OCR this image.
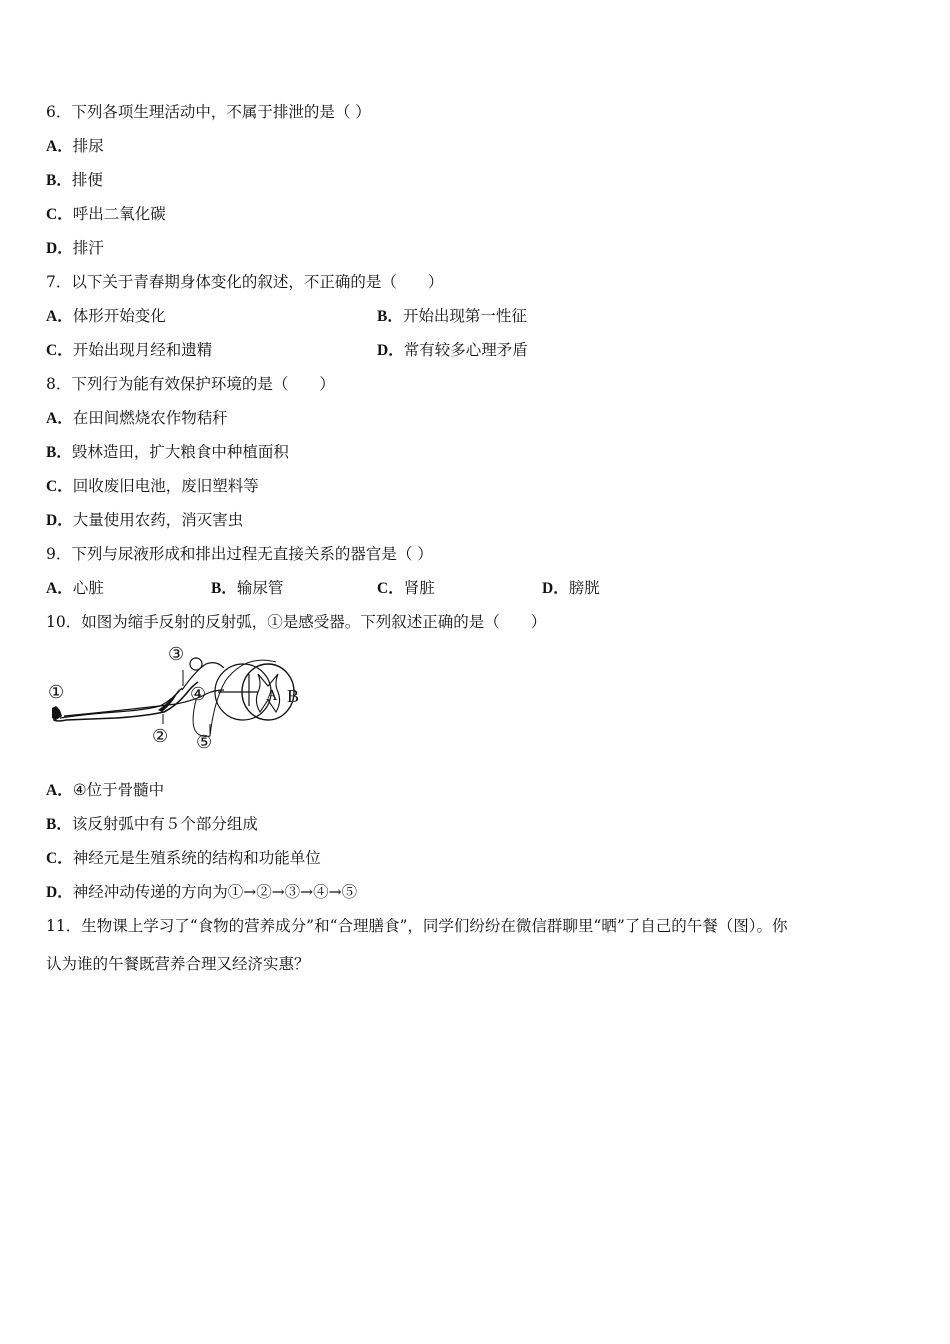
6．下列各项生理活动中，不属于排泄的是（ ）
A．排尿
B．排便
C．呼出二氧化碳
D．排汗
7．以下关于青春期身体变化的叙述，不正确的是（　　）
A．体形开始变化	B．开始出现第一性征
C．开始出现月经和遗精	D．常有较多心理矛盾
8．下列行为能有效保护环境的是（　　）
A．在田间燃烧农作物秸秆
B．毁林造田，扩大粮食中种植面积
C．回收废旧电池，废旧塑料等
D．大量使用农药，消灭害虫
9．下列与尿液形成和排出过程无直接关系的器官是（ ）
A．心脏	B．输尿管	C．肾脏	D．膀胱
10．如图为缩手反射的反射弧，①是感受器。下列叙述正确的是（　　）
①
②
③
④
⑤
A B
A．④位于骨髓中
B．该反射弧中有５个部分组成
C．神经元是生殖系统的结构和功能单位
D．神经冲动传递的方向为①→②→③→④→⑤
11．生物课上学习了“食物的营养成分”和“合理膳食”，同学们纷纷在微信群聊里“晒”了自己的午餐（图）。你
认为谁的午餐既营养合理又经济实惠？
